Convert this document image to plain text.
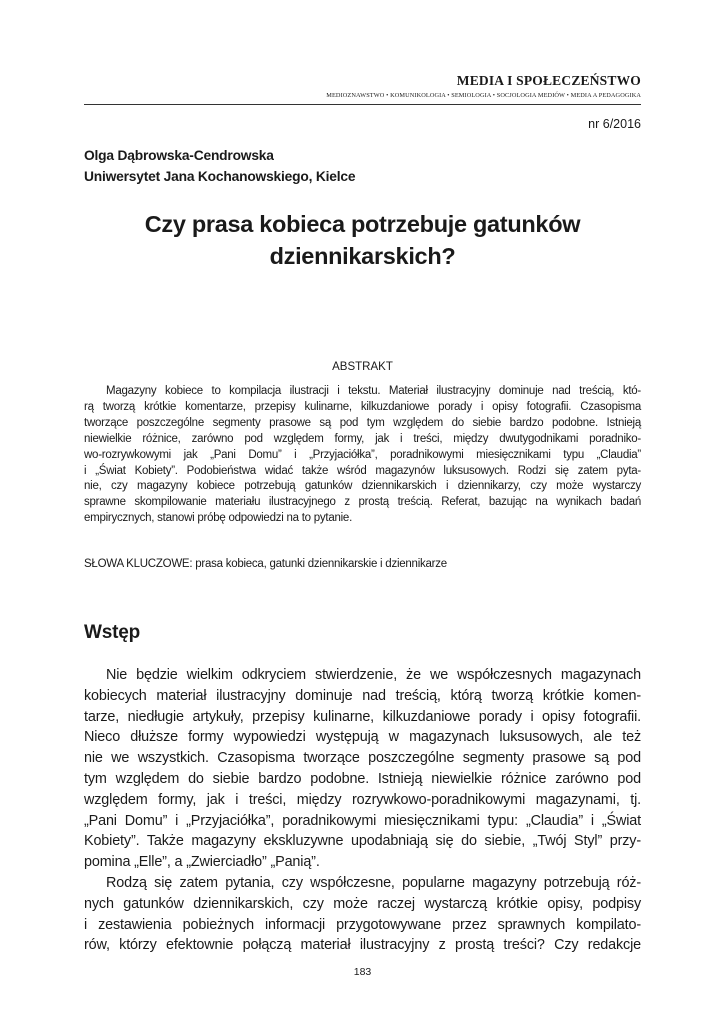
MEDIA I SPOŁECZEŃSTWO
MEDIOZNAWSTWO • KOMUNIKOLOGIA • SEMIOLOGIA • SOCJOLOGIA MEDIÓW • MEDIA A PEDAGOGIKA
nr 6/2016
Olga Dąbrowska-Cendrowska
Uniwersytet Jana Kochanowskiego, Kielce
Czy prasa kobieca potrzebuje gatunków dziennikarskich?
ABSTRAKT
Magazyny kobiece to kompilacja ilustracji i tekstu. Materiał ilustracyjny dominuje nad treścią, któ-
rą tworzą krótkie komentarze, przepisy kulinarne, kilkuzdaniowe porady i opisy fotografii. Czasopisma
tworzące poszczególne segmenty prasowe są pod tym względem do siebie bardzo podobne. Istnieją
niewielkie różnice, zarówno pod względem formy, jak i treści, między dwutygodnikami poradniko-
wo-rozrywkowymi jak „Pani Domu” i „Przyjaciółka”, poradnikowymi miesięcznikami typu „Claudia”
i „Świat Kobiety”. Podobieństwa widać także wśród magazynów luksusowych. Rodzi się zatem pyta-
nie, czy magazyny kobiece potrzebują gatunków dziennikarskich i dziennikarzy, czy może wystarczy
sprawne skompilowanie materiału ilustracyjnego z prostą treścią. Referat, bazując na wynikach badań
empirycznych, stanowi próbę odpowiedzi na to pytanie.
SŁOWA KLUCZOWE: prasa kobieca, gatunki dziennikarskie i dziennikarze
Wstęp
Nie będzie wielkim odkryciem stwierdzenie, że we współczesnych magazynach
kobiecych materiał ilustracyjny dominuje nad treścią, którą tworzą krótkie komen-
tarze, niedługie artykuły, przepisy kulinarne, kilkuzdaniowe porady i opisy fotografii.
Nieco dłuższe formy wypowiedzi występują w magazynach luksusowych, ale też
nie we wszystkich. Czasopisma tworzące poszczególne segmenty prasowe są pod
tym względem do siebie bardzo podobne. Istnieją niewielkie różnice zarówno pod
względem formy, jak i treści, między rozrywkowo-poradnikowymi magazynami, tj.
„Pani Domu” i „Przyjaciółka”, poradnikowymi miesięcznikami typu: „Claudia” i „Świat
Kobiety”. Także magazyny ekskluzywne upodabniają się do siebie, „Twój Styl” przy-
pomina „Elle”, a „Zwierciadło” „Panią”.
Rodzą się zatem pytania, czy współczesne, popularne magazyny potrzebują róż-
nych gatunków dziennikarskich, czy może raczej wystarczą krótkie opisy, podpisy
i zestawienia pobieżnych informacji przygotowywane przez sprawnych kompilato-
rów, którzy efektownie połączą materiał ilustracyjny z prostą treści? Czy redakcje
183
